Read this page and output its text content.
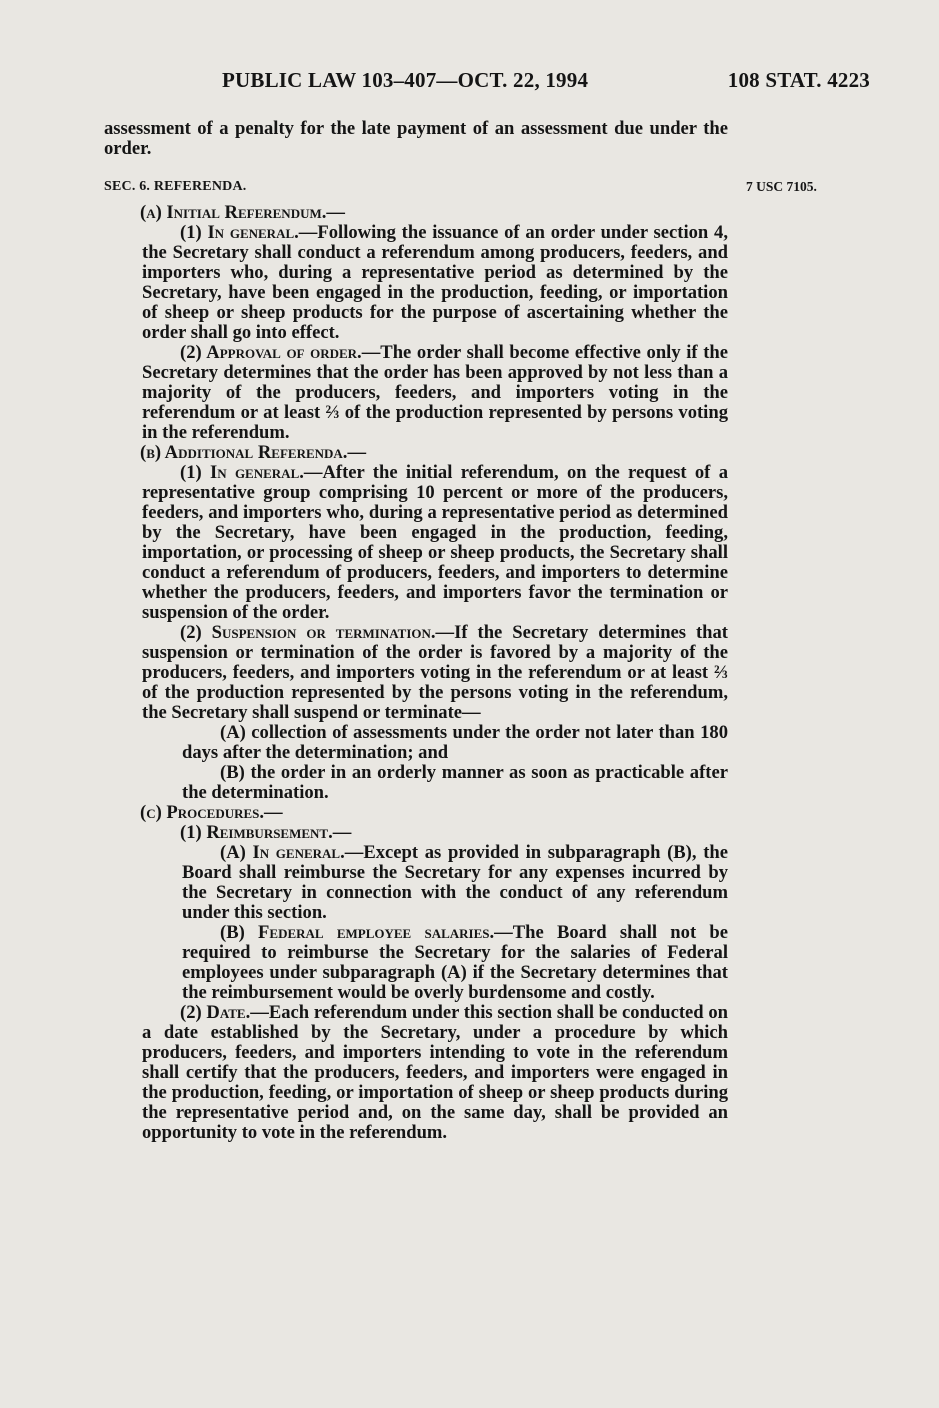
PUBLIC LAW 103–407—OCT. 22, 1994	108 STAT. 4223
7 USC 7105.

assessment of a penalty for the late payment of an assessment due under the order.

SEC. 6. REFERENDA.

(a) Initial Referendum.—

(1) In general.—Following the issuance of an order under section 4, the Secretary shall conduct a referendum among producers, feeders, and importers who, during a representative period as determined by the Secretary, have been engaged in the production, feeding, or importation of sheep or sheep products for the purpose of ascertaining whether the order shall go into effect.

(2) Approval of order.—The order shall become effective only if the Secretary determines that the order has been approved by not less than a majority of the producers, feeders, and importers voting in the referendum or at least ⅔ of the production represented by persons voting in the referendum.

(b) Additional Referenda.—

(1) In general.—After the initial referendum, on the request of a representative group comprising 10 percent or more of the producers, feeders, and importers who, during a representative period as determined by the Secretary, have been engaged in the production, feeding, importation, or processing of sheep or sheep products, the Secretary shall conduct a referendum of producers, feeders, and importers to determine whether the producers, feeders, and importers favor the termination or suspension of the order.

(2) Suspension or termination.—If the Secretary determines that suspension or termination of the order is favored by a majority of the producers, feeders, and importers voting in the referendum or at least ⅔ of the production represented by the persons voting in the referendum, the Secretary shall suspend or terminate—

(A) collection of assessments under the order not later than 180 days after the determination; and

(B) the order in an orderly manner as soon as practicable after the determination.

(c) Procedures.—

(1) Reimbursement.—

(A) In general.—Except as provided in subparagraph (B), the Board shall reimburse the Secretary for any expenses incurred by the Secretary in connection with the conduct of any referendum under this section.

(B) Federal employee salaries.—The Board shall not be required to reimburse the Secretary for the salaries of Federal employees under subparagraph (A) if the Secretary determines that the reimbursement would be overly burdensome and costly.

(2) Date.—Each referendum under this section shall be conducted on a date established by the Secretary, under a procedure by which producers, feeders, and importers intending to vote in the referendum shall certify that the producers, feeders, and importers were engaged in the production, feeding, or importation of sheep or sheep products during the representative period and, on the same day, shall be provided an opportunity to vote in the referendum.
